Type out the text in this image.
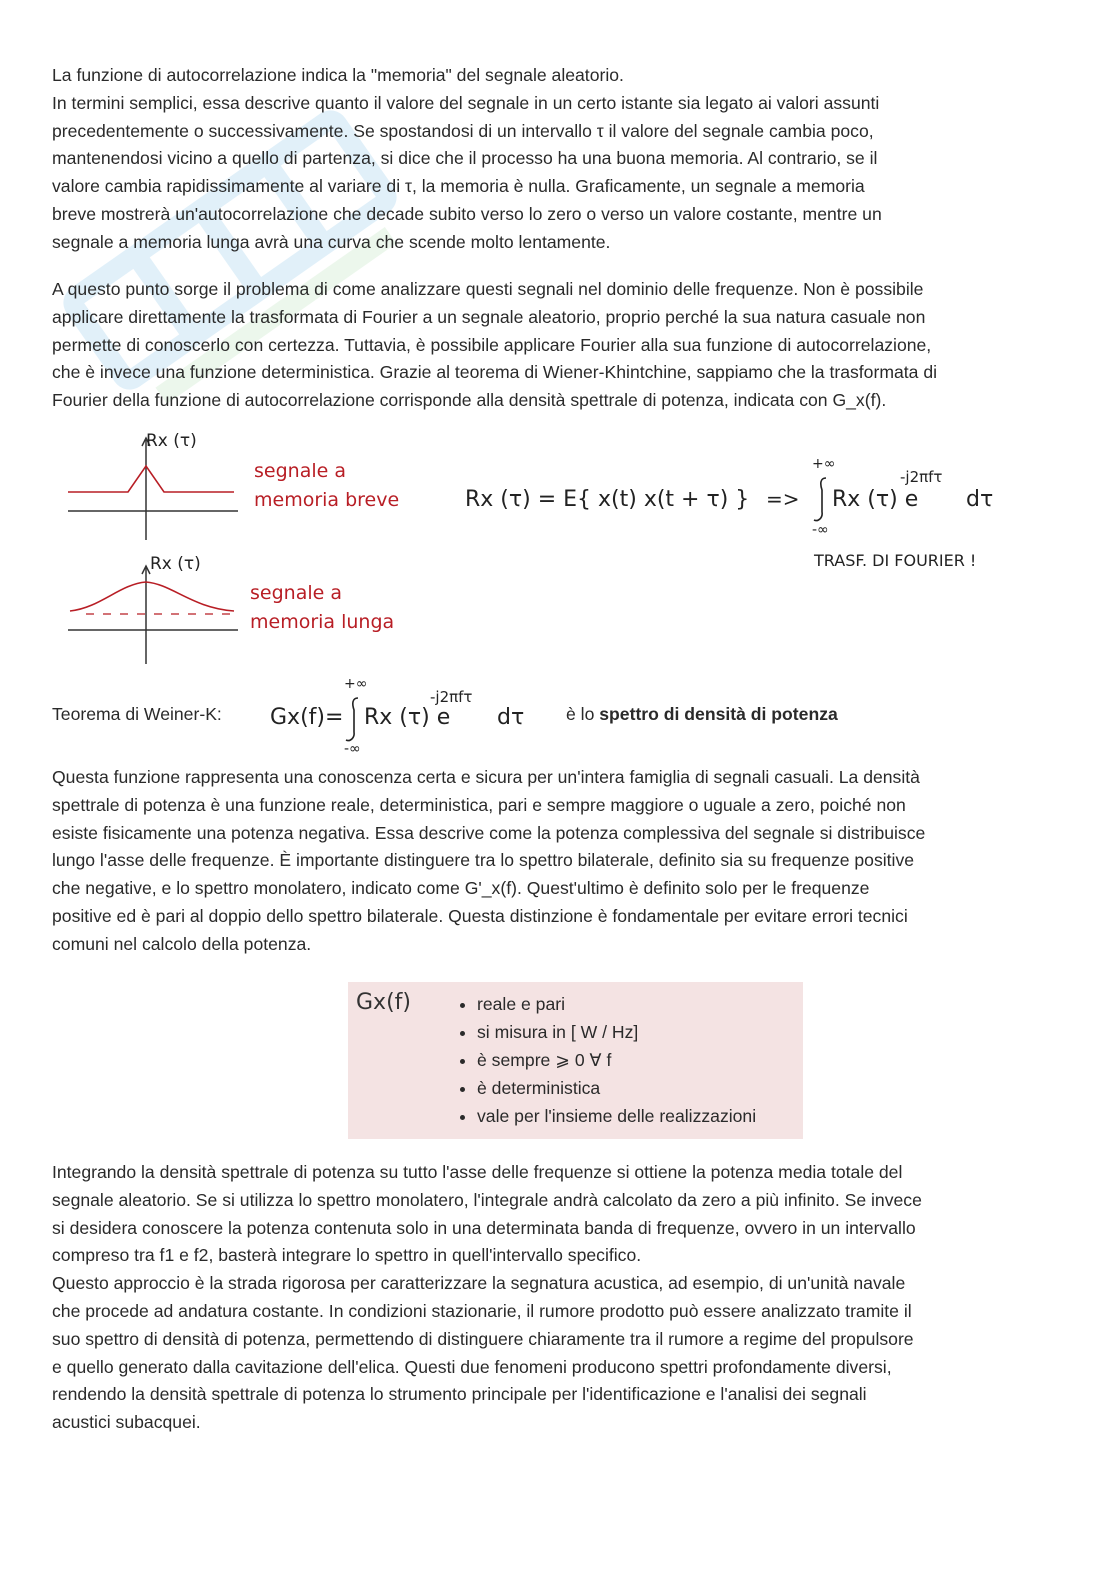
La funzione di autocorrelazione indica la "memoria" del segnale aleatorio.
In termini semplici, essa descrive quanto il valore del segnale in un certo istante sia legato ai valori assunti
precedentemente o successivamente. Se spostandosi di un intervallo τ il valore del segnale cambia poco,
mantenendosi vicino a quello di partenza, si dice che il processo ha una buona memoria. Al contrario, se il
valore cambia rapidissimamente al variare di τ, la memoria è nulla. Graficamente, un segnale a memoria
breve mostrerà un'autocorrelazione che decade subito verso lo zero o verso un valore costante, mentre un
segnale a memoria lunga avrà una curva che scende molto lentamente.
A questo punto sorge il problema di come analizzare questi segnali nel dominio delle frequenze. Non è possibile
applicare direttamente la trasformata di Fourier a un segnale aleatorio, proprio perché la sua natura casuale non
permette di conoscerlo con certezza. Tuttavia, è possibile applicare Fourier alla sua funzione di autocorrelazione,
che è invece una funzione deterministica. Grazie al teorema di Wiener-Khintchine, sappiamo che la trasformata di
Fourier della funzione di autocorrelazione corrisponde alla densità spettrale di potenza, indicata con G_x(f).
Rx (τ)
segnale a
memoria breve
Rx (τ)
segnale a
memoria lunga
Rx (τ) = E{ x(t) x(t + τ) } =>
+∞
-∞
Rx (τ) e
-j2πfτ
dτ
TRASF. DI FOURIER !
Gx(f)=
+∞
-∞
Rx (τ) e
-j2πfτ
dτ
Teorema di Weiner-K:	è lo spettro di densità di potenza
Questa funzione rappresenta una conoscenza certa e sicura per un'intera famiglia di segnali casuali. La densità
spettrale di potenza è una funzione reale, deterministica, pari e sempre maggiore o uguale a zero, poiché non
esiste fisicamente una potenza negativa. Essa descrive come la potenza complessiva del segnale si distribuisce
lungo l'asse delle frequenze. È importante distinguere tra lo spettro bilaterale, definito sia su frequenze positive
che negative, e lo spettro monolatero, indicato come G'_x(f). Quest'ultimo è definito solo per le frequenze
positive ed è pari al doppio dello spettro bilaterale. Questa distinzione è fondamentale per evitare errori tecnici
comuni nel calcolo della potenza.
Gx(f)
•	reale e pari
• si misura in [ W / Hz]
• è sempre ⩾ 0 ∀ f
• è deterministica
• vale per l'insieme delle realizzazioni
Integrando la densità spettrale di potenza su tutto l'asse delle frequenze si ottiene la potenza media totale del
segnale aleatorio. Se si utilizza lo spettro monolatero, l'integrale andrà calcolato da zero a più infinito. Se invece
si desidera conoscere la potenza contenuta solo in una determinata banda di frequenze, ovvero in un intervallo
compreso tra f1 e f2, basterà integrare lo spettro in quell'intervallo specifico.
Questo approccio è la strada rigorosa per caratterizzare la segnatura acustica, ad esempio, di un'unità navale
che procede ad andatura costante. In condizioni stazionarie, il rumore prodotto può essere analizzato tramite il
suo spettro di densità di potenza, permettendo di distinguere chiaramente tra il rumore a regime del propulsore
e quello generato dalla cavitazione dell'elica. Questi due fenomeni producono spettri profondamente diversi,
rendendo la densità spettrale di potenza lo strumento principale per l'identificazione e l'analisi dei segnali
acustici subacquei.
